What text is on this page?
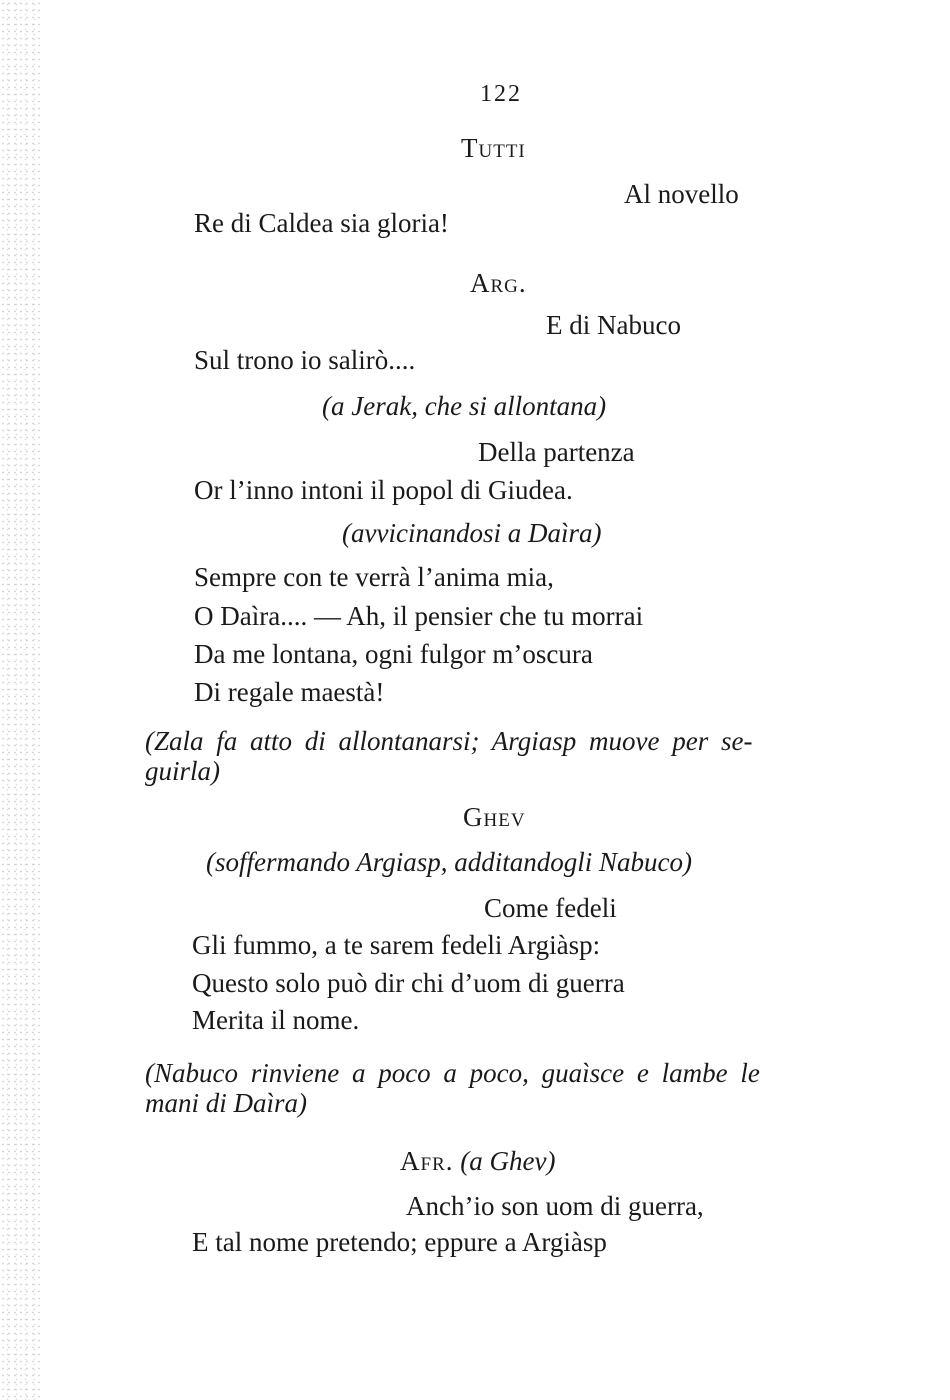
122
Tutti
Al novello
Re di Caldea sia gloria!
Arg.
E di Nabuco
Sul trono io salirò....
(a Jerak, che si allontana)
Della partenza
Or l’inno intoni il popol di Giudea.
(avvicinandosi a Daìra)
Sempre con te verrà l’anima mia,
O Daìra.... — Ah, il pensier che tu morrai
Da me lontana, ogni fulgor m’oscura
Di regale maestà!
(Zala fa atto di allontanarsi; Argiasp muove per se-
guirla)
Ghev
(soffermando Argiasp, additandogli Nabuco)
Come fedeli
Gli fummo, a te sarem fedeli Argiàsp:
Questo solo può dir chi d’uom di guerra
Merita il nome.
(Nabuco rinviene a poco a poco, guaìsce e lambe le
mani di Daìra)
Afr. (a Ghev)
Anch’io son uom di guerra,
E tal nome pretendo; eppure a Argiàsp
